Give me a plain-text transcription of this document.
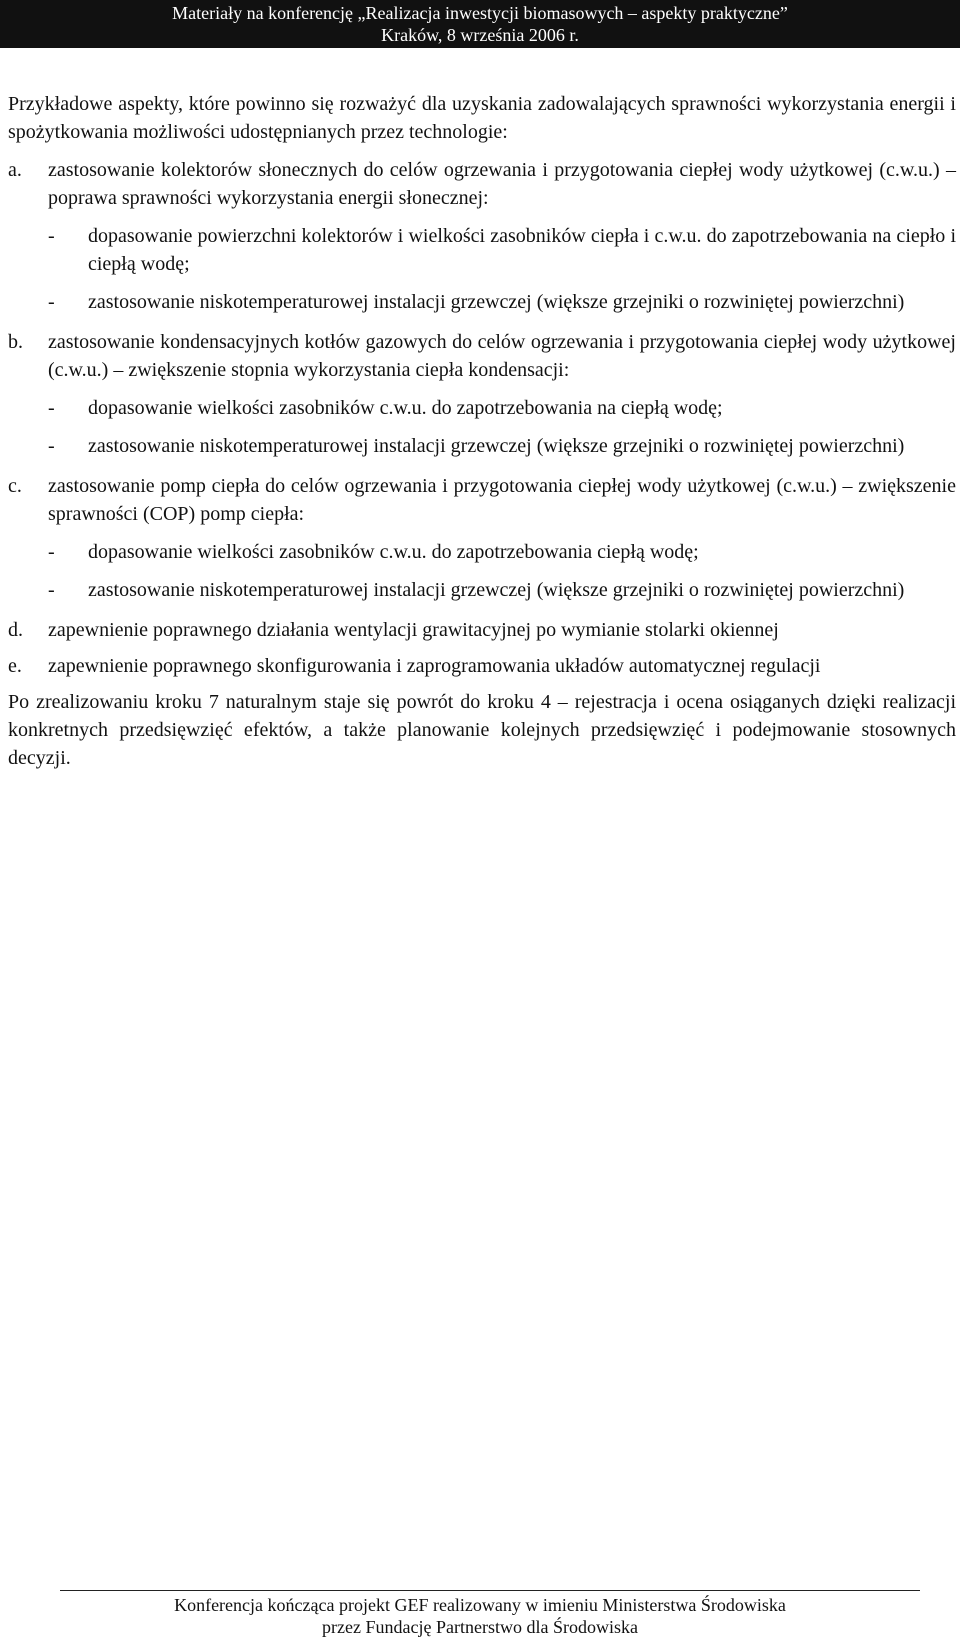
Materiały na konferencję „Realizacja inwestycji biomasowych – aspekty praktyczne”
Kraków, 8 września 2006 r.

Przykładowe aspekty, które powinno się rozważyć dla uzyskania zadowalających sprawności wykorzystania energii i spożytkowania możliwości udostępnianych przez technologie:

a.	zastosowanie kolektorów słonecznych do celów ogrzewania i przygotowania ciepłej wody użytkowej (c.w.u.) – poprawa sprawności wykorzystania energii słonecznej:

-	dopasowanie powierzchni kolektorów i wielkości zasobników ciepła i c.w.u. do zapotrzebowania na ciepło i ciepłą wodę;

-	zastosowanie niskotemperaturowej instalacji grzewczej (większe grzejniki o rozwiniętej powierzchni)

b.	zastosowanie kondensacyjnych kotłów gazowych do celów ogrzewania i przygotowania ciepłej wody użytkowej (c.w.u.) – zwiększenie stopnia wykorzystania ciepła kondensacji:

-	dopasowanie wielkości zasobników c.w.u. do zapotrzebowania na ciepłą wodę;

-	zastosowanie niskotemperaturowej instalacji grzewczej (większe grzejniki o rozwiniętej powierzchni)

c.	zastosowanie pomp ciepła do celów ogrzewania i przygotowania ciepłej wody użytkowej (c.w.u.) – zwiększenie sprawności (COP) pomp ciepła:

-	dopasowanie wielkości zasobników c.w.u. do zapotrzebowania ciepłą wodę;

-	zastosowanie niskotemperaturowej instalacji grzewczej (większe grzejniki o rozwiniętej powierzchni)

d.	zapewnienie poprawnego działania wentylacji grawitacyjnej po wymianie stolarki okiennej

e.	zapewnienie poprawnego skonfigurowania i zaprogramowania układów automatycznej regulacji

Po zrealizowaniu kroku 7 naturalnym staje się powrót do kroku 4 – rejestracja i ocena osiąganych dzięki realizacji konkretnych przedsięwzięć efektów, a także planowanie kolejnych przedsięwzięć i podejmowanie stosownych decyzji.

Konferencja kończąca projekt GEF realizowany w imieniu Ministerstwa Środowiska
przez Fundację Partnerstwo dla Środowiska
